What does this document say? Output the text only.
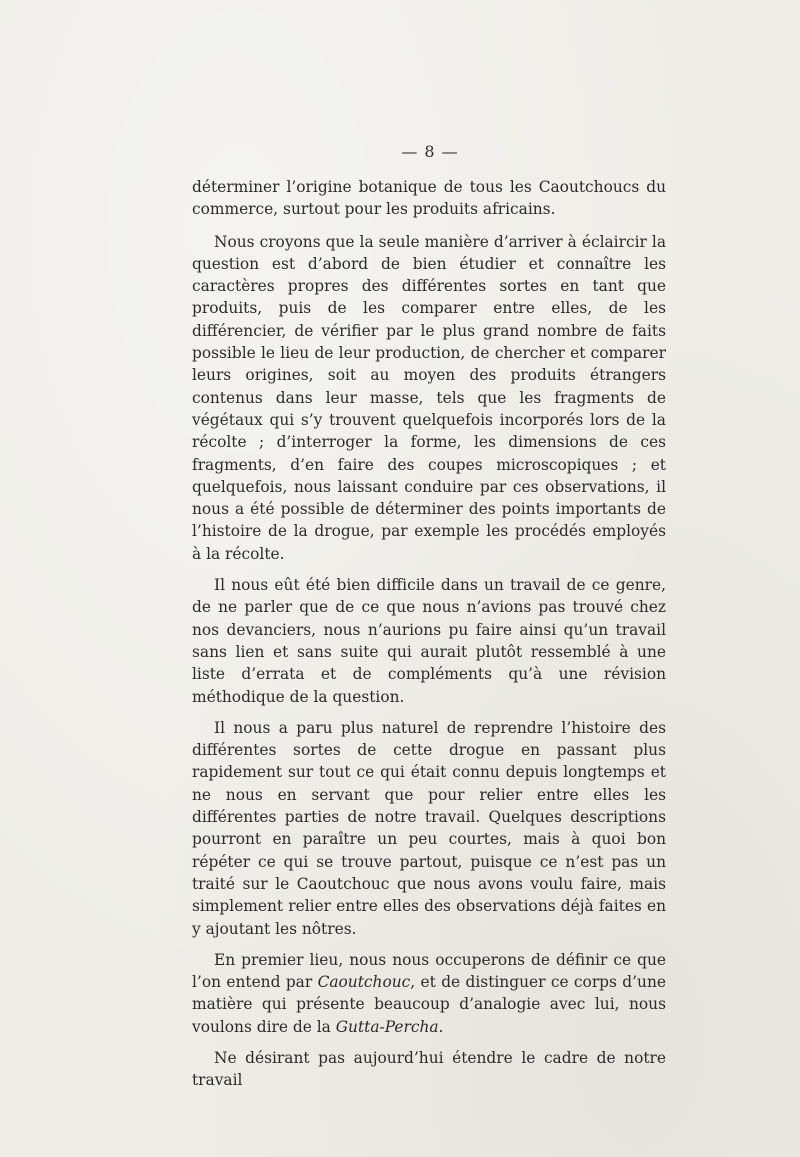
— 8 —

déterminer l’origine botanique de tous les Caoutchoucs du commerce, surtout pour les produits africains.

Nous croyons que la seule manière d’arriver à éclaircir la question est d’abord de bien étudier et connaître les caractères propres des différentes sortes en tant que produits, puis de les comparer entre elles, de les différencier, de vérifier par le plus grand nombre de faits possible le lieu de leur production, de chercher et comparer leurs origines, soit au moyen des produits étrangers contenus dans leur masse, tels que les fragments de végétaux qui s’y trouvent quelquefois incorporés lors de la récolte ; d’interroger la forme, les dimensions de ces fragments, d’en faire des coupes microscopiques ; et quelquefois, nous laissant conduire par ces observations, il nous a été possible de déterminer des points importants de l’histoire de la drogue, par exemple les procédés employés à la récolte.

Il nous eût été bien difficile dans un travail de ce genre, de ne parler que de ce que nous n’avions pas trouvé chez nos devanciers, nous n’aurions pu faire ainsi qu’un travail sans lien et sans suite qui aurait plutôt ressemblé à une liste d’errata et de compléments qu’à une révision méthodique de la question.

Il nous a paru plus naturel de reprendre l’histoire des différentes sortes de cette drogue en passant plus rapidement sur tout ce qui était connu depuis longtemps et ne nous en servant que pour relier entre elles les différentes parties de notre travail. Quelques descriptions pourront en paraître un peu courtes, mais à quoi bon répéter ce qui se trouve partout, puisque ce n’est pas un traité sur le Caoutchouc que nous avons voulu faire, mais simplement relier entre elles des observations déjà faites en y ajoutant les nôtres.

En premier lieu, nous nous occuperons de définir ce que l’on entend par Caoutchouc, et de distinguer ce corps d’une matière qui présente beaucoup d’analogie avec lui, nous voulons dire de la Gutta-Percha.

Ne désirant pas aujourd’hui étendre le cadre de notre travail
